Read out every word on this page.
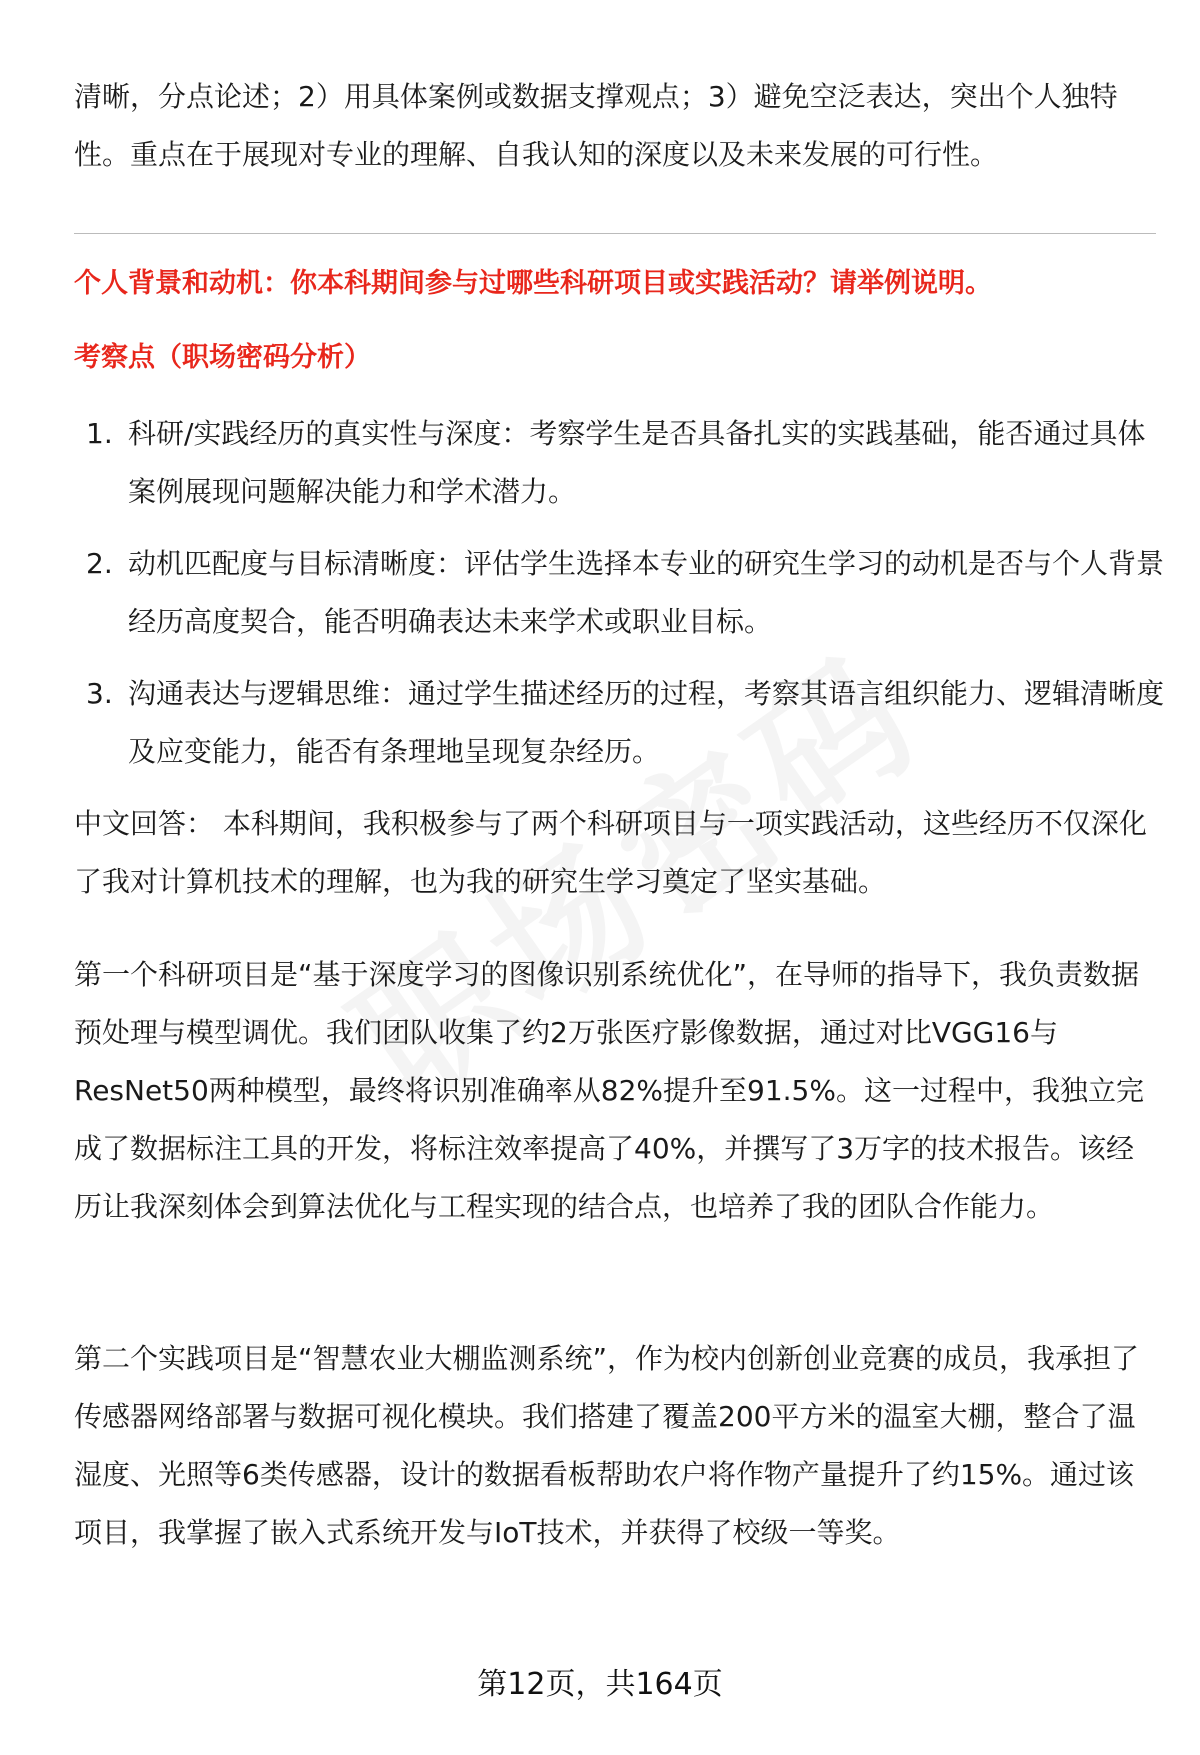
清晰，分点论述；2）用具体案例或数据支撑观点；3）避免空泛表达，突出个人独特性。重点在于展现对专业的理解、自我认知的深度以及未来发展的可行性。

个人背景和动机：你本科期间参与过哪些科研项目或实践活动？请举例说明。
考察点（职场密码分析）
1. 科研/实践经历的真实性与深度：考察学生是否具备扎实的实践基础，能否通过具体案例展现问题解决能力和学术潜力。
2. 动机匹配度与目标清晰度：评估学生选择本专业的研究生学习的动机是否与个人背景经历高度契合，能否明确表达未来学术或职业目标。
3. 沟通表达与逻辑思维：通过学生描述经历的过程，考察其语言组织能力、逻辑清晰度及应变能力，能否有条理地呈现复杂经历。

中文回答： 本科期间，我积极参与了两个科研项目与一项实践活动，这些经历不仅深化了我对计算机技术的理解，也为我的研究生学习奠定了坚实基础。

第一个科研项目是“基于深度学习的图像识别系统优化”，在导师的指导下，我负责数据预处理与模型调优。我们团队收集了约2万张医疗影像数据，通过对比VGG16与ResNet50两种模型，最终将识别准确率从82%提升至91.5%。这一过程中，我独立完成了数据标注工具的开发，将标注效率提高了40%，并撰写了3万字的技术报告。该经历让我深刻体会到算法优化与工程实现的结合点，也培养了我的团队合作能力。

第二个实践项目是“智慧农业大棚监测系统”，作为校内创新创业竞赛的成员，我承担了传感器网络部署与数据可视化模块。我们搭建了覆盖200平方米的温室大棚，整合了温湿度、光照等6类传感器，设计的数据看板帮助农户将作物产量提升了约15%。通过该项目，我掌握了嵌入式系统开发与IoT技术，并获得了校级一等奖。

第12页，共164页
